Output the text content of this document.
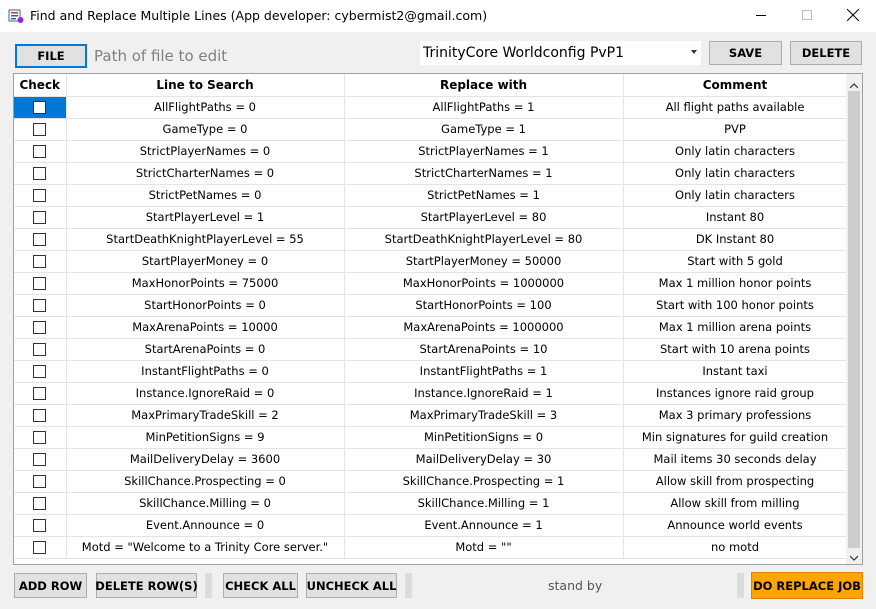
Find and Replace Multiple Lines (App developer: cybermist2@gmail.com)
FILE	Path of file to edit	TrinityCore Worldconfig PvP1	SAVE	DELETE
Check	Line to Search	Replace with	Comment
	AllFlightPaths = 0	AllFlightPaths = 1	All flight paths available
	GameType = 0	GameType = 1	PVP
	StrictPlayerNames = 0	StrictPlayerNames = 1	Only latin characters
	StrictCharterNames = 0	StrictCharterNames = 1	Only latin characters
	StrictPetNames = 0	StrictPetNames = 1	Only latin characters
	StartPlayerLevel = 1	StartPlayerLevel = 80	Instant 80
	StartDeathKnightPlayerLevel = 55	StartDeathKnightPlayerLevel = 80	DK Instant 80
	StartPlayerMoney = 0	StartPlayerMoney = 50000	Start with 5 gold
	MaxHonorPoints = 75000	MaxHonorPoints = 1000000	Max 1 million honor points
	StartHonorPoints = 0	StartHonorPoints = 100	Start with 100 honor points
	MaxArenaPoints = 10000	MaxArenaPoints = 1000000	Max 1 million arena points
	StartArenaPoints = 0	StartArenaPoints = 10	Start with 10 arena points
	InstantFlightPaths = 0	InstantFlightPaths = 1	Instant taxi
	Instance.IgnoreRaid = 0	Instance.IgnoreRaid = 1	Instances ignore raid group
	MaxPrimaryTradeSkill = 2	MaxPrimaryTradeSkill = 3	Max 3 primary professions
	MinPetitionSigns = 9	MinPetitionSigns = 0	Min signatures for guild creation
	MailDeliveryDelay = 3600	MailDeliveryDelay = 30	Mail items 30 seconds delay
	SkillChance.Prospecting = 0	SkillChance.Prospecting = 1	Allow skill from prospecting
	SkillChance.Milling = 0	SkillChance.Milling = 1	Allow skill from milling
	Event.Announce = 0	Event.Announce = 1	Announce world events
	Motd = "Welcome to a Trinity Core server."	Motd = ""	no motd
ADD ROW	DELETE ROW(S) CHECK ALL UNCHECK ALL	stand by	DO REPLACE JOB
